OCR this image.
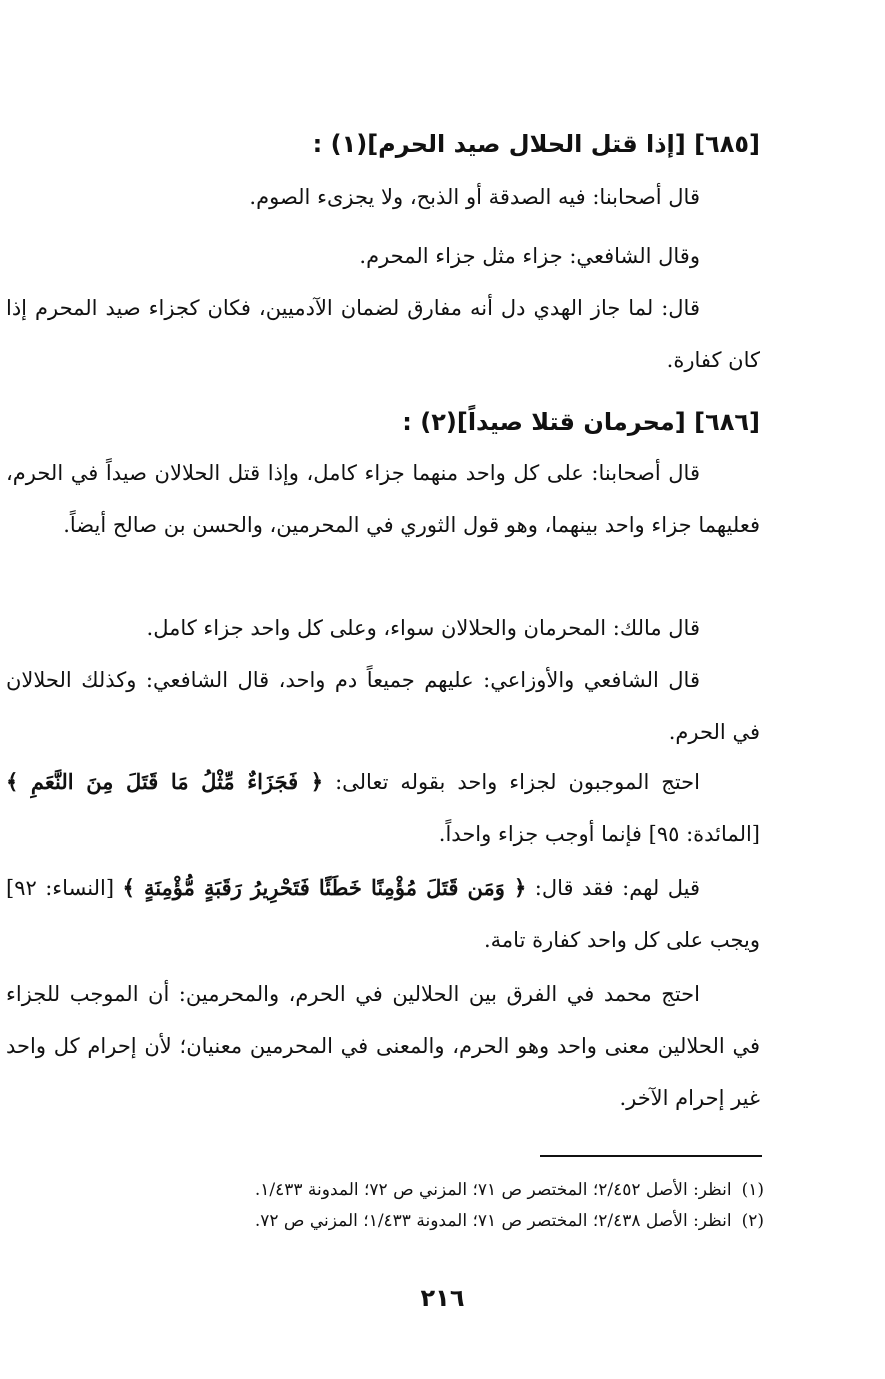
[٦٨٥] [إذا قتل الحلال صيد الحرم](١) :
قال أصحابنا: فيه الصدقة أو الذبح، ولا يجزىء الصوم.
وقال الشافعي: جزاء مثل جزاء المحرم.
قال: لما جاز الهدي دل أنه مفارق لضمان الآدميين، فكان كجزاء صيد المحرم إذا كان كفارة.
[٦٨٦] [محرمان قتلا صيداً](٢) :
قال أصحابنا: على كل واحد منهما جزاء كامل، وإذا قتل الحلالان صيداً في الحرم، فعليهما جزاء واحد بينهما، وهو قول الثوري في المحرمين، والحسن بن صالح أيضاً.
قال مالك: المحرمان والحلالان سواء، وعلى كل واحد جزاء كامل.
قال الشافعي والأوزاعي: عليهم جميعاً دم واحد، قال الشافعي: وكذلك الحلالان في الحرم.
احتج الموجبون لجزاء واحد بقوله تعالى: ﴿ فَجَزَاءٌ مِّثْلُ مَا قَتَلَ مِنَ النَّعَمِ ﴾ [المائدة: ٩٥] فإنما أوجب جزاء واحداً.
قيل لهم: فقد قال: ﴿ وَمَن قَتَلَ مُؤْمِنًا خَطَئًا فَتَحْرِيرُ رَقَبَةٍ مُّؤْمِنَةٍ ﴾ [النساء: ٩٢] ويجب على كل واحد كفارة تامة.
احتج محمد في الفرق بين الحلالين في الحرم، والمحرمين: أن الموجب للجزاء في الحلالين معنى واحد وهو الحرم، والمعنى في المحرمين معنيان؛ لأن إحرام كل واحد غير إحرام الآخر.
(١)انظر: الأصل ٢/٤٥٢؛ المختصر ص ٧١؛ المزني ص ٧٢؛ المدونة ١/٤٣٣.
(٢)انظر: الأصل ٢/٤٣٨؛ المختصر ص ٧١؛ المدونة ١/٤٣٣؛ المزني ص ٧٢.
٢١٦
